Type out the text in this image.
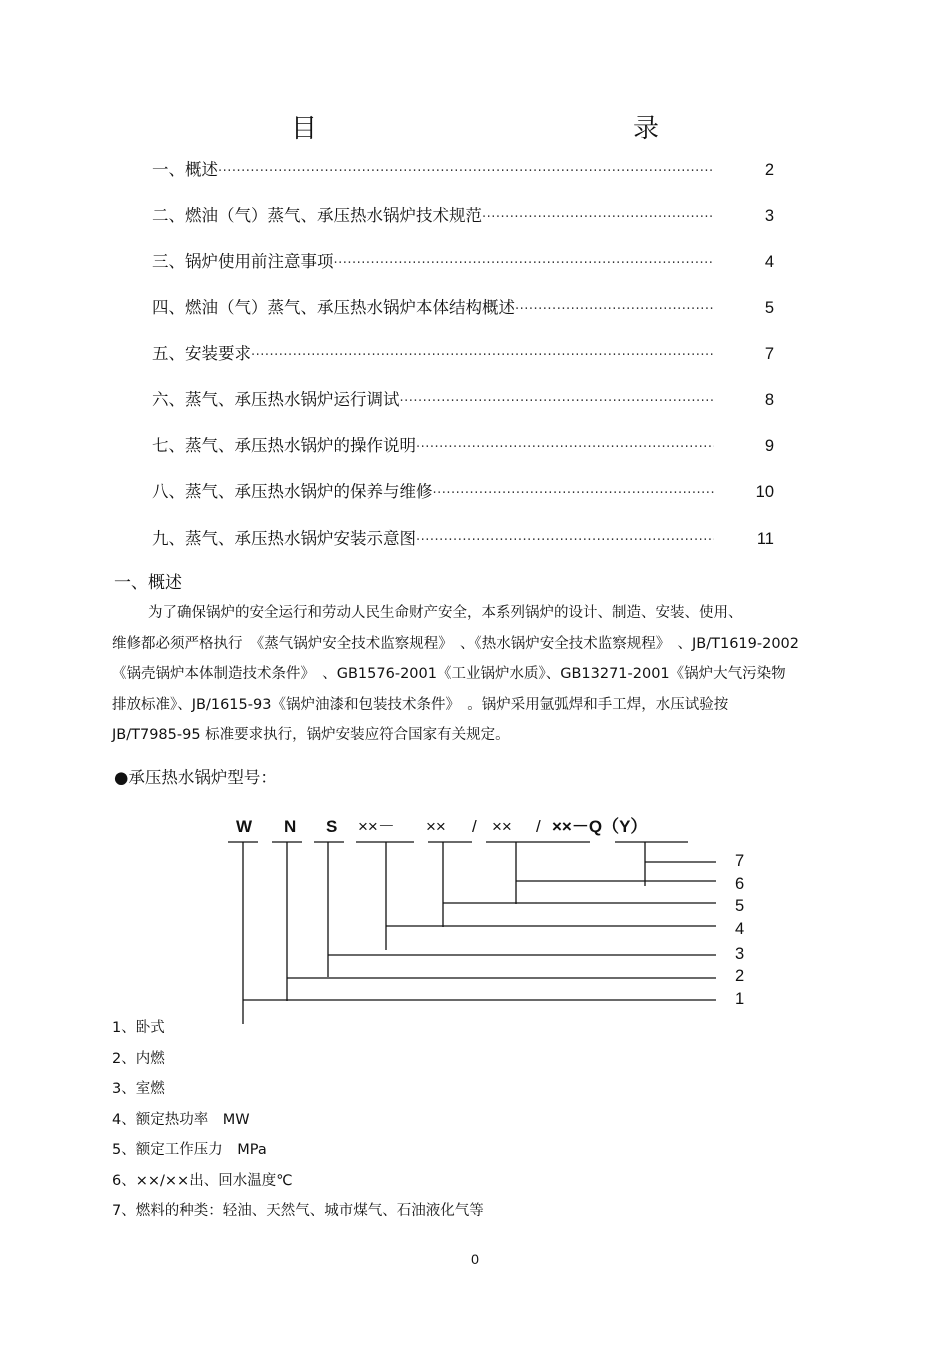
目　　录
一、概述 ·····	2
二、燃油（气）蒸气、承压热水锅炉技术规范 ·····	3
三、锅炉使用前注意事项 ·····	4
四、燃油（气）蒸气、承压热水锅炉本体结构概述 ·····	5
五、安装要求 ·····	7
六、蒸气、承压热水锅炉运行调试 ·····	8
七、蒸气、承压热水锅炉的操作说明 ·····	9
八、蒸气、承压热水锅炉的保养与维修 ·····	10
九、蒸气、承压热水锅炉安装示意图 ·····	11
一、概述
为了确保锅炉的安全运行和劳动人民生命财产安全，本系列锅炉的设计、制造、安装、使用、
维修都必须严格执行　《蒸气锅炉安全技术监察规程》　、《热水锅炉安全技术监察规程》　、JB/T1619-2002
《锅壳锅炉本体制造技术条件》　、GB1576-2001《工业锅炉水质》、GB13271-2001《锅炉大气污染物
排放标准》、JB/1615-93《锅炉油漆和包装技术条件》　。锅炉采用氩弧焊和手工焊，水压试验按
JB/T7985-95 标准要求执行，锅炉安装应符合国家有关规定。
●承压热水锅炉型号：
W N S ××－ ×× / ×× / ××－Q（Y）
7
6
5
4
3
2
1
1、卧式
2、内燃
3、室燃
4、额定热功率　MW
5、额定工作压力　MPa
6、××/××出、回水温度℃
7、燃料的种类：轻油、天然气、城市煤气、石油液化气等
0
